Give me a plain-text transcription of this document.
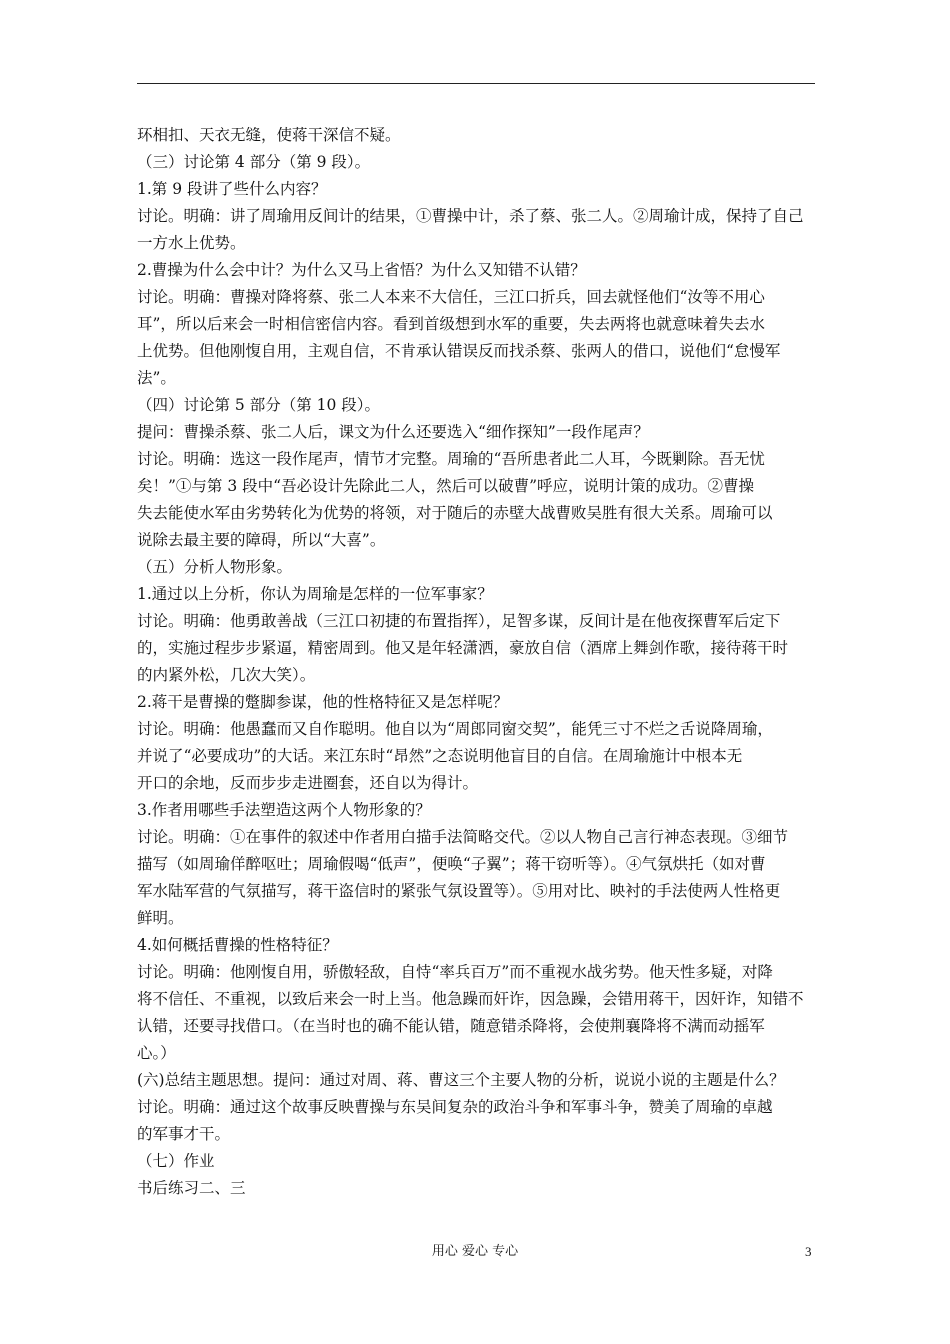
环相扣、天衣无缝，使蒋干深信不疑。
（三）讨论第 4 部分（第 9 段）。
1.第 9 段讲了些什么内容？
讨论。明确：讲了周瑜用反间计的结果，①曹操中计，杀了蔡、张二人。②周瑜计成，保持了自己
一方水上优势。
2.曹操为什么会中计？为什么又马上省悟？为什么又知错不认错？
讨论。明确：曹操对降将蔡、张二人本来不大信任，三江口折兵，回去就怪他们“汝等不用心
耳”，所以后来会一时相信密信内容。看到首级想到水军的重要，失去两将也就意味着失去水
上优势。但他刚愎自用，主观自信，不肯承认错误反而找杀蔡、张两人的借口，说他们“怠慢军
法”。
（四）讨论第 5 部分（第 10 段）。
提问：曹操杀蔡、张二人后，课文为什么还要选入“细作探知”一段作尾声？
讨论。明确：选这一段作尾声，情节才完整。周瑜的“吾所患者此二人耳，今既剿除。吾无忧
矣！”①与第 3 段中“吾必设计先除此二人，然后可以破曹”呼应，说明计策的成功。②曹操
失去能使水军由劣势转化为优势的将领，对于随后的赤壁大战曹败吴胜有很大关系。周瑜可以
说除去最主要的障碍，所以“大喜”。
（五）分析人物形象。
1.通过以上分析，你认为周瑜是怎样的一位军事家？
讨论。明确：他勇敢善战（三江口初捷的布置指挥），足智多谋，反间计是在他夜探曹军后定下
的，实施过程步步紧逼，精密周到。他又是年轻潇洒，豪放自信（酒席上舞剑作歌，接待蒋干时
的内紧外松，几次大笑）。
2.蒋干是曹操的蹩脚参谋，他的性格特征又是怎样呢？
讨论。明确：他愚蠢而又自作聪明。他自以为“周郎同窗交契”，能凭三寸不烂之舌说降周瑜，
并说了“必要成功”的大话。来江东时“昂然”之态说明他盲目的自信。在周瑜施计中根本无
开口的余地，反而步步走进圈套，还自以为得计。
3.作者用哪些手法塑造这两个人物形象的？
讨论。明确：①在事件的叙述中作者用白描手法简略交代。②以人物自己言行神态表现。③细节
描写（如周瑜佯醉呕吐；周瑜假喝“低声”，便唤“子翼”；蒋干窃听等）。④气氛烘托（如对曹
军水陆军营的气氛描写，蒋干盗信时的紧张气氛设置等）。⑤用对比、映衬的手法使两人性格更
鲜明。
4.如何概括曹操的性格特征？
讨论。明确：他刚愎自用，骄傲轻敌，自恃“率兵百万”而不重视水战劣势。他天性多疑，对降
将不信任、不重视，以致后来会一时上当。他急躁而奸诈，因急躁，会错用蒋干，因奸诈，知错不
认错，还要寻找借口。（在当时也的确不能认错，随意错杀降将，会使荆襄降将不满而动摇军
心。）
(六)总结主题思想。提问：通过对周、蒋、曹这三个主要人物的分析，说说小说的主题是什么？
讨论。明确：通过这个故事反映曹操与东吴间复杂的政治斗争和军事斗争，赞美了周瑜的卓越
的军事才干。
（七）作业
书后练习二、三
用心 爱心 专心	3
